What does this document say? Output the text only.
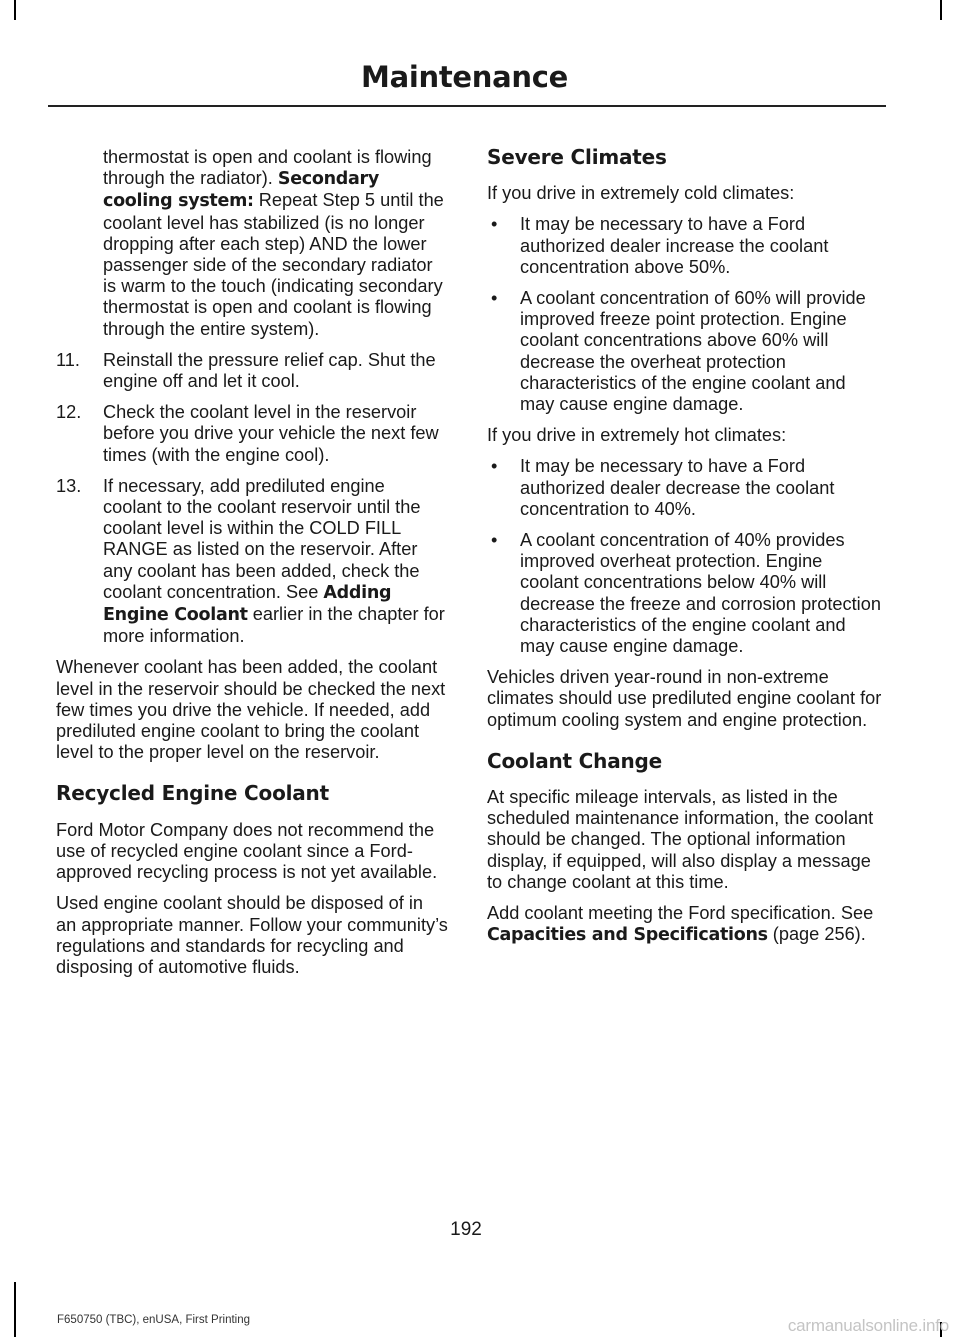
Maintenance

thermostat is open and coolant is flowing through the radiator). Secondary cooling system: Repeat Step 5 until the coolant level has stabilized (is no longer dropping after each step) AND the lower passenger side of the secondary radiator is warm to the touch (indicating secondary thermostat is open and coolant is flowing through the entire system).

11. Reinstall the pressure relief cap. Shut the engine off and let it cool.
12. Check the coolant level in the reservoir before you drive your vehicle the next few times (with the engine cool).
13. If necessary, add prediluted engine coolant to the coolant reservoir until the coolant level is within the COLD FILL RANGE as listed on the reservoir. After any coolant has been added, check the coolant concentration. See Adding Engine Coolant earlier in the chapter for more information.

Whenever coolant has been added, the coolant level in the reservoir should be checked the next few times you drive the vehicle. If needed, add prediluted engine coolant to bring the coolant level to the proper level on the reservoir.

Recycled Engine Coolant

Ford Motor Company does not recommend the use of recycled engine coolant since a Ford-approved recycling process is not yet available.

Used engine coolant should be disposed of in an appropriate manner. Follow your community’s regulations and standards for recycling and disposing of automotive fluids.

Severe Climates

If you drive in extremely cold climates:

• It may be necessary to have a Ford authorized dealer increase the coolant concentration above 50%.
• A coolant concentration of 60% will provide improved freeze point protection. Engine coolant concentrations above 60% will decrease the overheat protection characteristics of the engine coolant and may cause engine damage.

If you drive in extremely hot climates:

• It may be necessary to have a Ford authorized dealer decrease the coolant concentration to 40%.
• A coolant concentration of 40% provides improved overheat protection. Engine coolant concentrations below 40% will decrease the freeze and corrosion protection characteristics of the engine coolant and may cause engine damage.

Vehicles driven year-round in non-extreme climates should use prediluted engine coolant for optimum cooling system and engine protection.

Coolant Change

At specific mileage intervals, as listed in the scheduled maintenance information, the coolant should be changed. The optional information display, if equipped, will also display a message to change coolant at this time.

Add coolant meeting the Ford specification. See Capacities and Specifications (page 256).

192
F650750 (TBC), enUSA, First Printing	carmanualsonline.info
